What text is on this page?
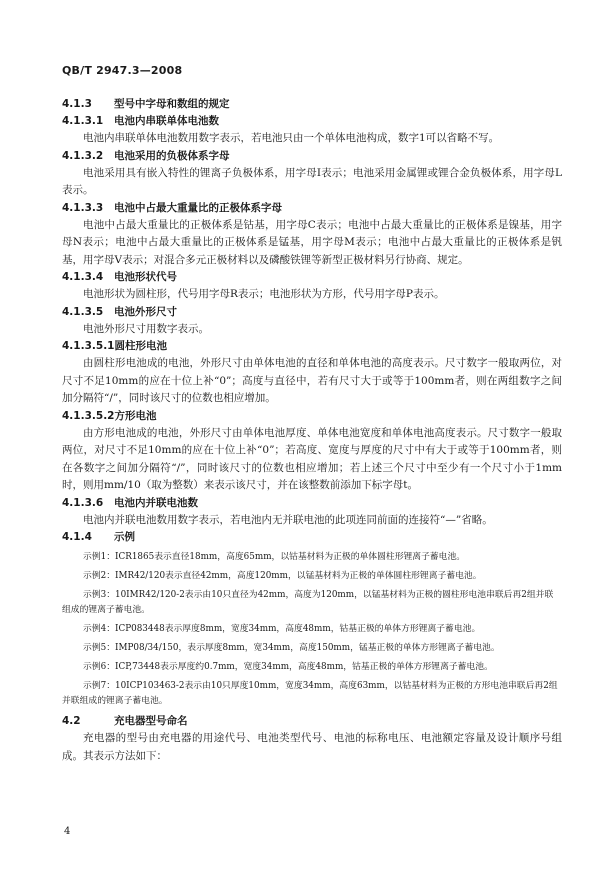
QB/T 2947.3—2008
4.1.3 型号中字母和数组的规定
4.1.3.1 电池内串联单体电池数
电池内串联单体电池数用数字表示，若电池只由一个单体电池构成，数字1可以省略不写。
4.1.3.2 电池采用的负极体系字母
电池采用具有嵌入特性的锂离子负极体系，用字母I表示；电池采用金属锂或锂合金负极体系，用字母L表示。
4.1.3.3 电池中占最大重量比的正极体系字母
电池中占最大重量比的正极体系是钴基，用字母C表示；电池中占最大重量比的正极体系是镍基，用字母N表示；电池中占最大重量比的正极体系是锰基，用字母M表示；电池中占最大重量比的正极体系是钒基，用字母V表示；对混合多元正极材料以及磷酸铁锂等新型正极材料另行协商、规定。
4.1.3.4 电池形状代号
电池形状为圆柱形，代号用字母R表示；电池形状为方形，代号用字母P表示。
4.1.3.5 电池外形尺寸
电池外形尺寸用数字表示。
4.1.3.5.1圆柱形电池
由圆柱形电池成的电池，外形尺寸由单体电池的直径和单体电池的高度表示。尺寸数字一般取两位，对尺寸不足10mm的应在十位上补“0”；高度与直径中，若有尺寸大于或等于100mm者，则在两组数字之间加分隔符“/”，同时该尺寸的位数也相应增加。
4.1.3.5.2方形电池
由方形电池成的电池，外形尺寸由单体电池厚度、单体电池宽度和单体电池高度表示。尺寸数字一般取两位，对尺寸不足10mm的应在十位上补“0”；若高度、宽度与厚度的尺寸中有大于或等于100mm者，则在各数字之间加分隔符“/”，同时该尺寸的位数也相应增加；若上述三个尺寸中至少有一个尺寸小于1mm时，则用mm/10（取为整数）来表示该尺寸，并在该整数前添加下标字母t。
4.1.3.6 电池内并联电池数
电池内并联电池数用数字表示，若电池内无并联电池的此项连同前面的连接符“—”省略。
4.1.4 示例
示例1：ICR1865表示直径18mm，高度65mm，以钴基材料为正极的单体圆柱形锂离子蓄电池。
示例2：IMR42/120表示直径42mm，高度120mm，以锰基材料为正极的单体圆柱形锂离子蓄电池。
示例3：10IMR42/120-2表示由10只直径为42mm，高度为120mm，以锰基材料为正极的圆柱形电池串联后再2组并联组成的锂离子蓄电池。
示例4：ICP083448表示厚度8mm，宽度34mm，高度48mm，钴基正极的单体方形锂离子蓄电池。
示例5：IMP08/34/150，表示厚度8mm，宽34mm，高度150mm，锰基正极的单体方形锂离子蓄电池。
示例6：ICP,73448表示厚度约0.7mm，宽度34mm，高度48mm，钴基正极的单体方形锂离子蓄电池。
示例7：10ICP103463-2表示由10只厚度10mm，宽度34mm，高度63mm，以钴基材料为正极的方形电池串联后再2组并联组成的锂离子蓄电池。
4.2	充电器型号命名
充电器的型号由充电器的用途代号、电池类型代号、电池的标称电压、电池额定容量及设计顺序号组成。其表示方法如下：
4
